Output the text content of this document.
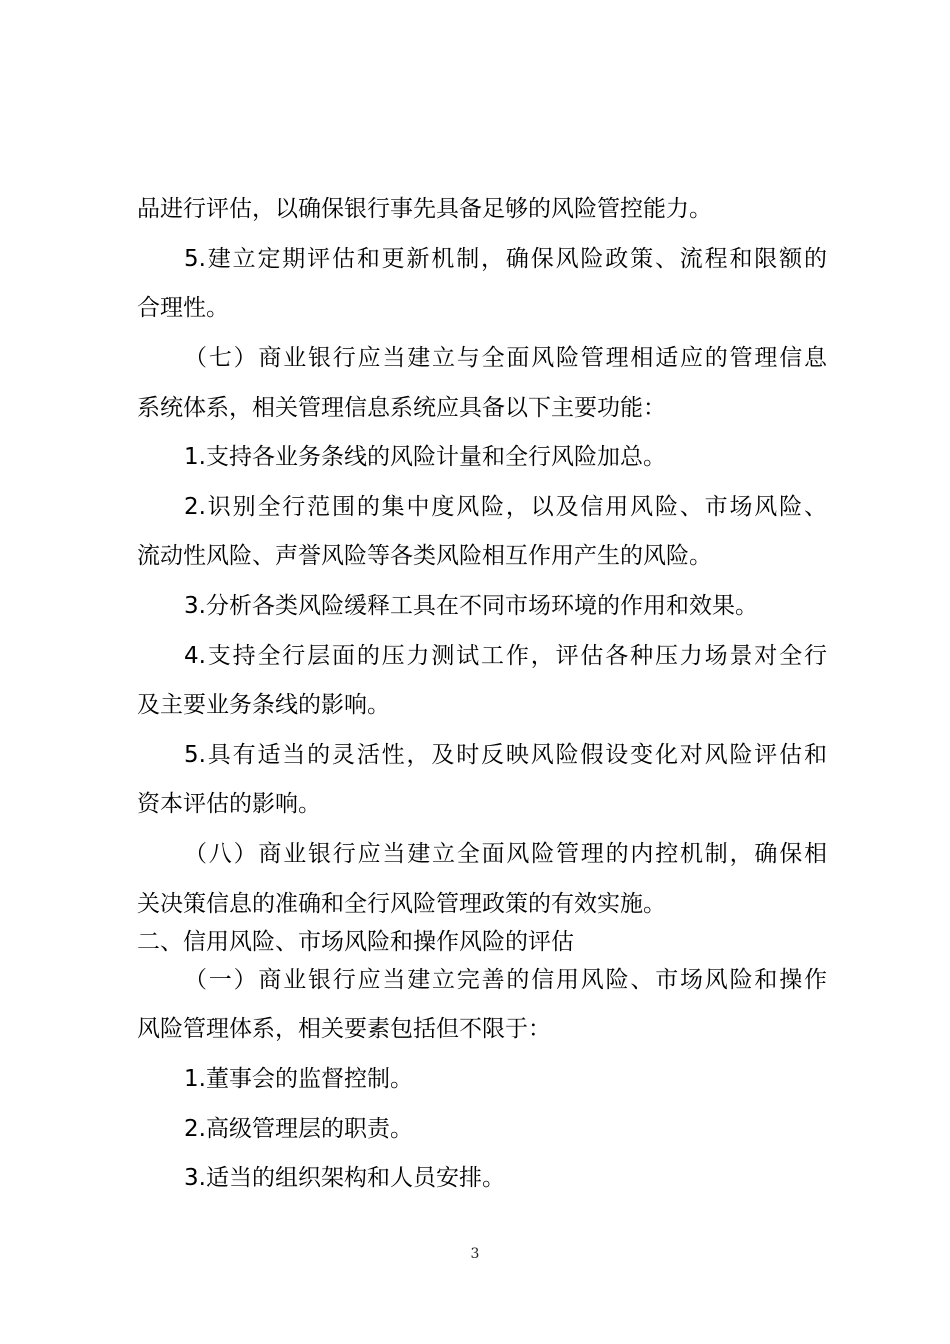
品进行评估，以确保银行事先具备足够的风险管控能力。
5.建立定期评估和更新机制，确保风险政策、流程和限额的
合理性。
（七）商业银行应当建立与全面风险管理相适应的管理信息
系统体系，相关管理信息系统应具备以下主要功能：
1.支持各业务条线的风险计量和全行风险加总。
2.识别全行范围的集中度风险，以及信用风险、市场风险、
流动性风险、声誉风险等各类风险相互作用产生的风险。
3.分析各类风险缓释工具在不同市场环境的作用和效果。
4.支持全行层面的压力测试工作，评估各种压力场景对全行
及主要业务条线的影响。
5.具有适当的灵活性，及时反映风险假设变化对风险评估和
资本评估的影响。
（八）商业银行应当建立全面风险管理的内控机制，确保相
关决策信息的准确和全行风险管理政策的有效实施。
二、信用风险、市场风险和操作风险的评估
（一）商业银行应当建立完善的信用风险、市场风险和操作
风险管理体系，相关要素包括但不限于：
1.董事会的监督控制。
2.高级管理层的职责。
3.适当的组织架构和人员安排。
3
